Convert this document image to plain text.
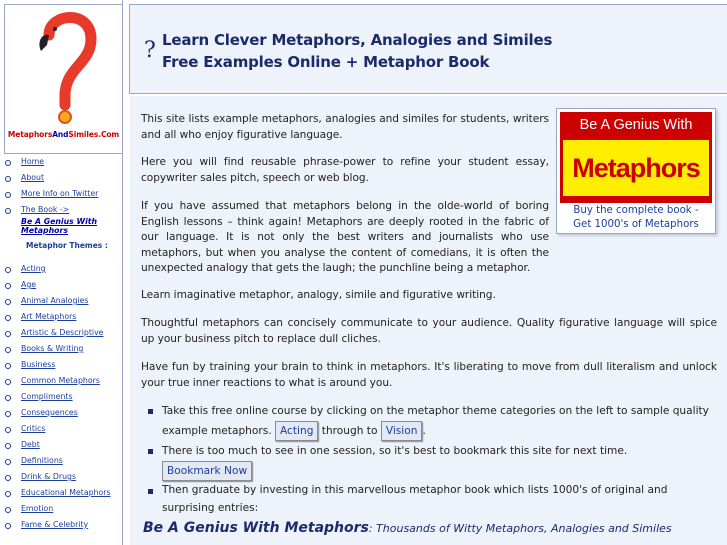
MetaphorsAndSimiles.Com
Home
About
More Info on Twitter
The Book ->
Be A Genius With Metaphors
Metaphor Themes :
Acting
Age
Animal Analogies
Art Metaphors
Artistic & Descriptive
Books & Writing
Business
Common Metaphors
Compliments
Consequences
Critics
Debt
Definitions
Drink & Drugs
Educational Metaphors
Emotion
Fame & Celebrity
? Learn Clever Metaphors, Analogies and Similes
Free Examples Online + Metaphor Book

This site lists example metaphors, analogies and similes for students, writers and all who enjoy figurative language.

Here you will find reusable phrase-power to refine your student essay, copywriter sales pitch, speech or web blog.

If you have assumed that metaphors belong in the olde-world of boring English lessons – think again! Metaphors are deeply rooted in the fabric of our language. It is not only the best writers and journalists who use metaphors, but when you analyse the content of comedians, it is often the unexpected analogy that gets the laugh; the punchline being a metaphor.

Learn imaginative metaphor, analogy, simile and figurative writing.

Thoughtful metaphors can concisely communicate to your audience. Quality figurative language will spice up your business pitch to replace dull cliches.

Have fun by training your brain to think in metaphors. It's liberating to move from dull literalism and unlock your true inner reactions to what is around you.

Take this free online course by clicking on the metaphor theme categories on the left to sample quality example metaphors. Acting through to Vision .
There is too much to see in one session, so it's best to bookmark this site for next time. Bookmark Now
Then graduate by investing in this marvellous metaphor book which lists 1000's of original and surprising entries:
Be A Genius With Metaphors: Thousands of Witty Metaphors, Analogies and Similes
Be A Genius With
Metaphors
Buy the complete book -
Get 1000's of Metaphors
